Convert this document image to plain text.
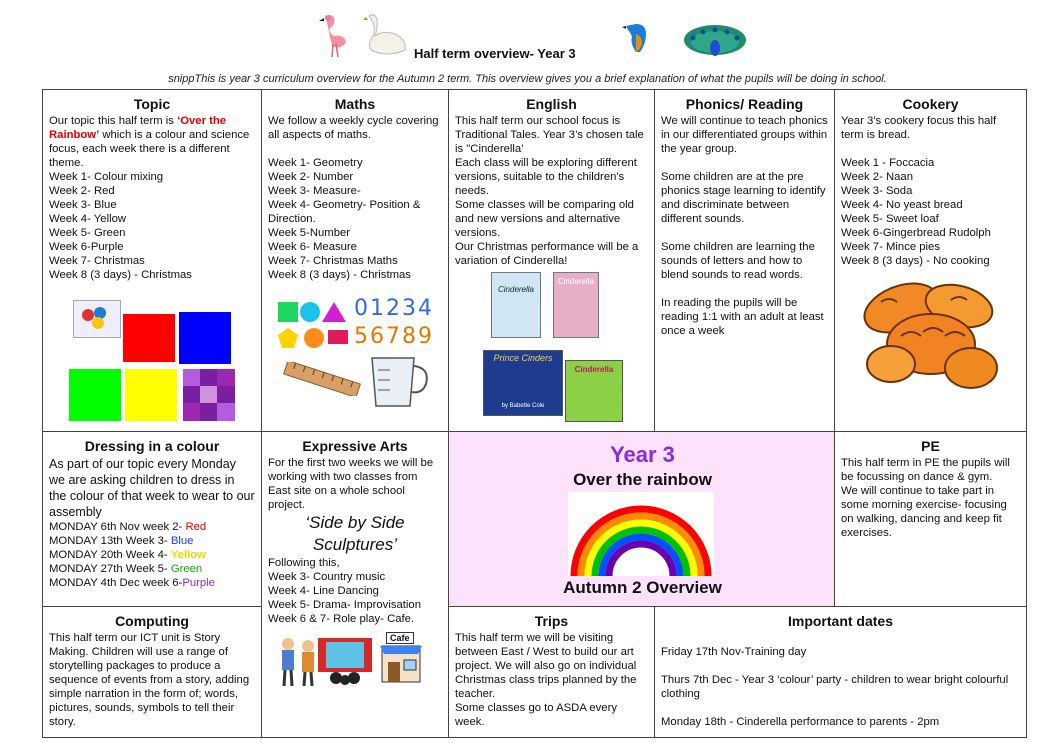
Half term overview- Year 3
snippThis is year 3 curriculum overview for the Autumn 2 term. This overview gives you a brief explanation of what the pupils will be doing in school.
Topic

Our topic this half term is ‘Over the Rainbow’ which is a colour and science focus, each week there is a different theme.

Week 1- Colour mixing

Week 2- Red

Week 3- Blue

Week 4- Yellow

Week 5- Green

Week 6-Purple

Week 7- Christmas

Week 8 (3 days) - Christmas

Maths

We follow a weekly cycle covering all aspects of maths.

Week 1- Geometry

Week 2- Number

Week 3- Measure-

Week 4- Geometry- Position & Direction.

Week 5-Number

Week 6- Measure

Week 7- Christmas Maths

Week 8 (3 days) - Christmas

01234
56789
English

This half term our school focus is Traditional Tales. Year 3’s chosen tale is "Cinderella’

Each class will be exploring different versions, suitable to the children's needs.

Some classes will be comparing old and new versions and alternative versions.

Our Christmas performance will be a variation of Cinderella!

Cinderella
Cinderella
Prince Cinders
by Babette Cole
Cinderella
Phonics/ Reading

We will continue to teach phonics in our differentiated groups within the year group.

Some children are at the pre phonics stage learning to identify and discriminate between different sounds.

Some children are learning the sounds of letters and how to blend sounds to read words.

In reading the pupils will be reading 1:1 with an adult at least once a week

Cookery

Year 3’s cookery focus this half term is bread.

Week 1 - Foccacia

Week 2- Naan

Week 3- Soda

Week 4- No yeast bread

Week 5- Sweet loaf

Week 6-Gingerbread Rudolph

Week 7- Mince pies

Week 8 (3 days) - No cooking

Dressing in a colour

As part of our topic every Monday we are asking children to dress in the colour of that week to wear to our assembly

MONDAY 6th Nov week 2- Red

MONDAY 13th Week 3- Blue

MONDAY 20th Week 4- Yellow

MONDAY 27th Week 5- Green

MONDAY 4th Dec week 6-Purple

Expressive Arts

For the first two weeks we will be working with two classes from East site on a whole school project.

‘Side by Side Sculptures’

Following this,

Week 3- Country music

Week 4- Line Dancing

Week 5- Drama- Improvisation

Week 6 & 7- Role play- Cafe.

Cafe
Year 3
Over the rainbow
Autumn 2 Overview
PE

This half term in PE the pupils will be focussing on dance & gym.

We will continue to take part in some morning exercise- focusing on walking, dancing and keep fit exercises.

Computing

This half term our ICT unit is Story Making. Children will use a range of storytelling packages to produce a sequence of events from a story, adding simple narration in the form of; words, pictures, sounds, symbols to tell their story.

Trips

This half term we will be visiting between East / West to build our art project. We will also go on individual Christmas class trips planned by the teacher.

Some classes go to ASDA every week.

Important dates

Friday 17th Nov-Training day

Thurs 7th Dec - Year 3 ‘colour’ party - children to wear bright colourful clothing

Monday 18th - Cinderella performance to parents - 2pm
